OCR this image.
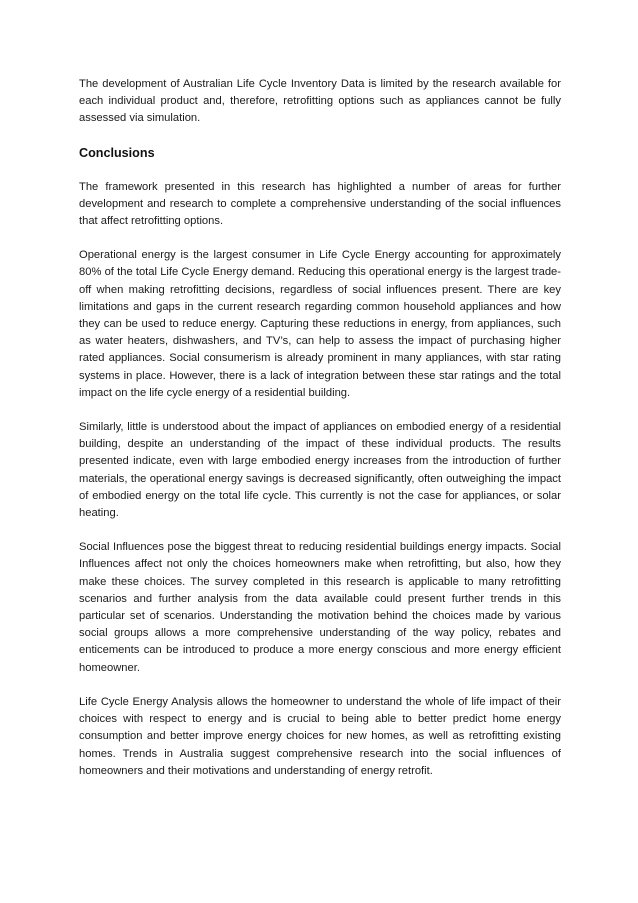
The development of Australian Life Cycle Inventory Data is limited by the research available for each individual product and, therefore, retrofitting options such as appliances cannot be fully assessed via simulation.

Conclusions

The framework presented in this research has highlighted a number of areas for further development and research to complete a comprehensive understanding of the social influences that affect retrofitting options.

Operational energy is the largest consumer in Life Cycle Energy accounting for approximately 80% of the total Life Cycle Energy demand. Reducing this operational energy is the largest trade-off when making retrofitting decisions, regardless of social influences present. There are key limitations and gaps in the current research regarding common household appliances and how they can be used to reduce energy. Capturing these reductions in energy, from appliances, such as water heaters, dishwashers, and TV’s, can help to assess the impact of purchasing higher rated appliances. Social consumerism is already prominent in many appliances, with star rating systems in place. However, there is a lack of integration between these star ratings and the total impact on the life cycle energy of a residential building.

Similarly, little is understood about the impact of appliances on embodied energy of a residential building, despite an understanding of the impact of these individual products. The results presented indicate, even with large embodied energy increases from the introduction of further materials, the operational energy savings is decreased significantly, often outweighing the impact of embodied energy on the total life cycle. This currently is not the case for appliances, or solar heating.

Social Influences pose the biggest threat to reducing residential buildings energy impacts. Social Influences affect not only the choices homeowners make when retrofitting, but also, how they make these choices. The survey completed in this research is applicable to many retrofitting scenarios and further analysis from the data available could present further trends in this particular set of scenarios. Understanding the motivation behind the choices made by various social groups allows a more comprehensive understanding of the way policy, rebates and enticements can be introduced to produce a more energy conscious and more energy efficient homeowner.

Life Cycle Energy Analysis allows the homeowner to understand the whole of life impact of their choices with respect to energy and is crucial to being able to better predict home energy consumption and better improve energy choices for new homes, as well as retrofitting existing homes. Trends in Australia suggest comprehensive research into the social influences of homeowners and their motivations and understanding of energy retrofit.
